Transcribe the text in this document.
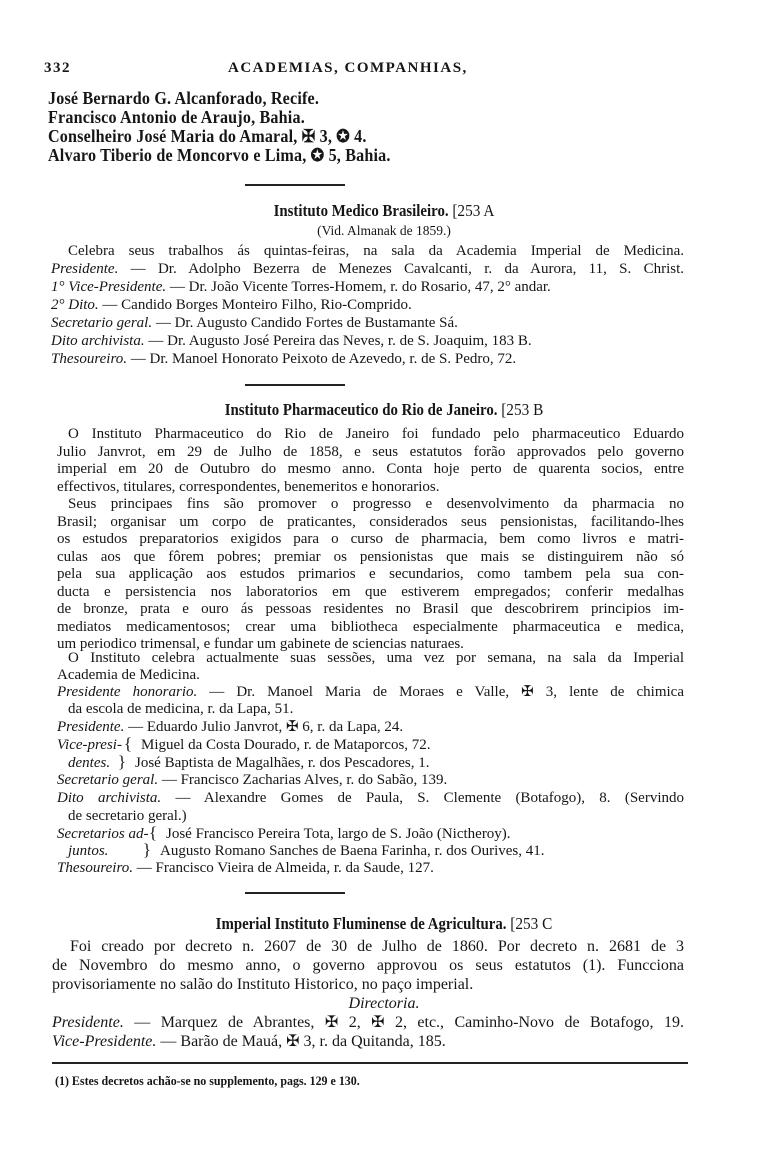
332	ACADEMIAS, COMPANHIAS,
José Bernardo G. Alcanforado, Recife.
Francisco Antonio de Araujo, Bahia.
Conselheiro José Maria do Amaral, ✠ 3, ✪ 4.
Alvaro Tiberio de Moncorvo e Lima, ✪ 5, Bahia.
Instituto Medico Brasileiro. [253 A
(Vid. Almanak de 1859.)
Celebra seus trabalhos ás quintas-feiras, na sala da Academia Imperial de Medicina.
Presidente. — Dr. Adolpho Bezerra de Menezes Cavalcanti, r. da Aurora, 11, S. Christ.
1° Vice-Presidente. — Dr. João Vicente Torres-Homem, r. do Rosario, 47, 2° andar.
2° Dito. — Candido Borges Monteiro Filho, Rio-Comprido.
Secretario geral. — Dr. Augusto Candido Fortes de Bustamante Sá.
Dito archivista. — Dr. Augusto José Pereira das Neves, r. de S. Joaquim, 183 B.
Thesoureiro. — Dr. Manoel Honorato Peixoto de Azevedo, r. de S. Pedro, 72.
Instituto Pharmaceutico do Rio de Janeiro. [253 B
O Instituto Pharmaceutico do Rio de Janeiro foi fundado pelo pharmaceutico Eduardo
Julio Janvrot, em 29 de Julho de 1858, e seus estatutos forão approvados pelo governo
imperial em 20 de Outubro do mesmo anno. Conta hoje perto de quarenta socios, entre
effectivos, titulares, correspondentes, benemeritos e honorarios.
Seus principaes fins são promover o progresso e desenvolvimento da pharmacia no
Brasil; organisar um corpo de praticantes, considerados seus pensionistas, facilitando-lhes
os estudos preparatorios exigidos para o curso de pharmacia, bem como livros e matri-
culas aos que fôrem pobres; premiar os pensionistas que mais se distinguirem não só
pela sua applicação aos estudos primarios e secundarios, como tambem pela sua con-
ducta e persistencia nos laboratorios em que estiverem empregados; conferir medalhas
de bronze, prata e ouro ás pessoas residentes no Brasil que descobrirem principios im-
mediatos medicamentosos; crear uma bibliotheca especialmente pharmaceutica e medica,
um periodico trimensal, e fundar um gabinete de sciencias naturaes.
O Instituto celebra actualmente suas sessões, uma vez por semana, na sala da Imperial
Academia de Medicina.
Presidente honorario. — Dr. Manoel Maria de Moraes e Valle, ✠ 3, lente de chimica
da escola de medicina, r. da Lapa, 51.
Presidente. — Eduardo Julio Janvrot, ✠ 6, r. da Lapa, 24.
Vice-presi- { Miguel da Costa Dourado, r. de Mataporcos, 72.
dentes. } José Baptista de Magalhães, r. dos Pescadores, 1.
Secretario geral. — Francisco Zacharias Alves, r. do Sabão, 139.
Dito archivista. — Alexandre Gomes de Paula, S. Clemente (Botafogo), 8. (Servindo
de secretario geral.)
Secretarios ad-{ José Francisco Pereira Tota, largo de S. João (Nictheroy).
juntos. } Augusto Romano Sanches de Baena Farinha, r. dos Ourives, 41.
Thesoureiro. — Francisco Vieira de Almeida, r. da Saude, 127.
Imperial Instituto Fluminense de Agricultura. [253 C
Foi creado por decreto n. 2607 de 30 de Julho de 1860. Por decreto n. 2681 de 3
de Novembro do mesmo anno, o governo approvou os seus estatutos (1). Funcciona
provisoriamente no salão do Instituto Historico, no paço imperial.
Directoria.
Presidente. — Marquez de Abrantes, ✠ 2, ✠ 2, etc., Caminho-Novo de Botafogo, 19.
Vice-Presidente. — Barão de Mauá, ✠ 3, r. da Quitanda, 185.
(1) Estes decretos achão-se no supplemento, pags. 129 e 130.
